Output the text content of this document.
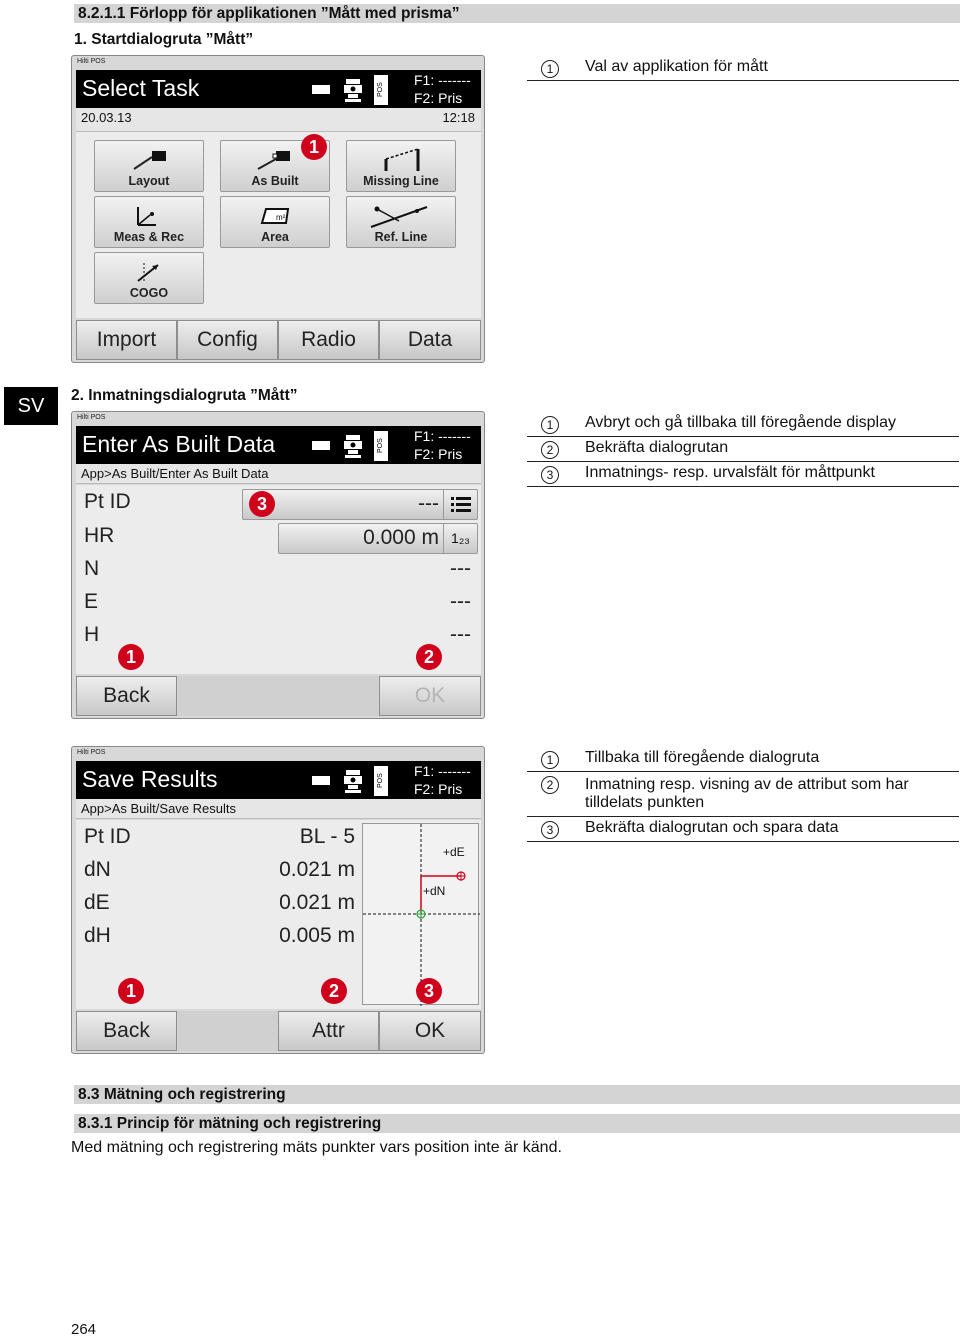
8.2.1.1 Förlopp för applikationen ”Mått med prisma”
1. Startdialogruta ”Mått”
Hilti POS
Select Task	POS
F1: -------
F2: Pris
20.03.13	12:18
Layout	As Built	Missing Line
Meas & Rec
m²
Area	Ref. Line
COGO
1
Import	Config	Radio	Data
1	Val av applikation för mått
SV	2. Inmatningsdialogruta ”Mått”
Hilti POS
Enter As Built Data	POS
F1: -------
F2: Pris
App>As Built/Enter As Built Data
Pt ID	---
HR	0.000 m 1₂₃
N	---
E	---
H	---
1	2
3
Back	OK
1	Avbryt och gå tillbaka till föregående display
2	Bekräfta dialogrutan
3	Inmatnings- resp. urvalsfält för måttpunkt
Hilti POS
Save Results	POS
F1: -------
F2: Pris
App>As Built/Save Results
Pt ID	BL - 5
dN	0.021 m
dE	0.021 m
dH	0.005 m
+dE
+dN
1	2	3
Back	Attr	OK
1	Tillbaka till föregående dialogruta
2	Inmatning resp. visning av de attribut som har tilldelats punkten
3	Bekräfta dialogrutan och spara data
8.3 Mätning och registrering
8.3.1 Princip för mätning och registrering
Med mätning och registrering mäts punkter vars position inte är känd.
264
